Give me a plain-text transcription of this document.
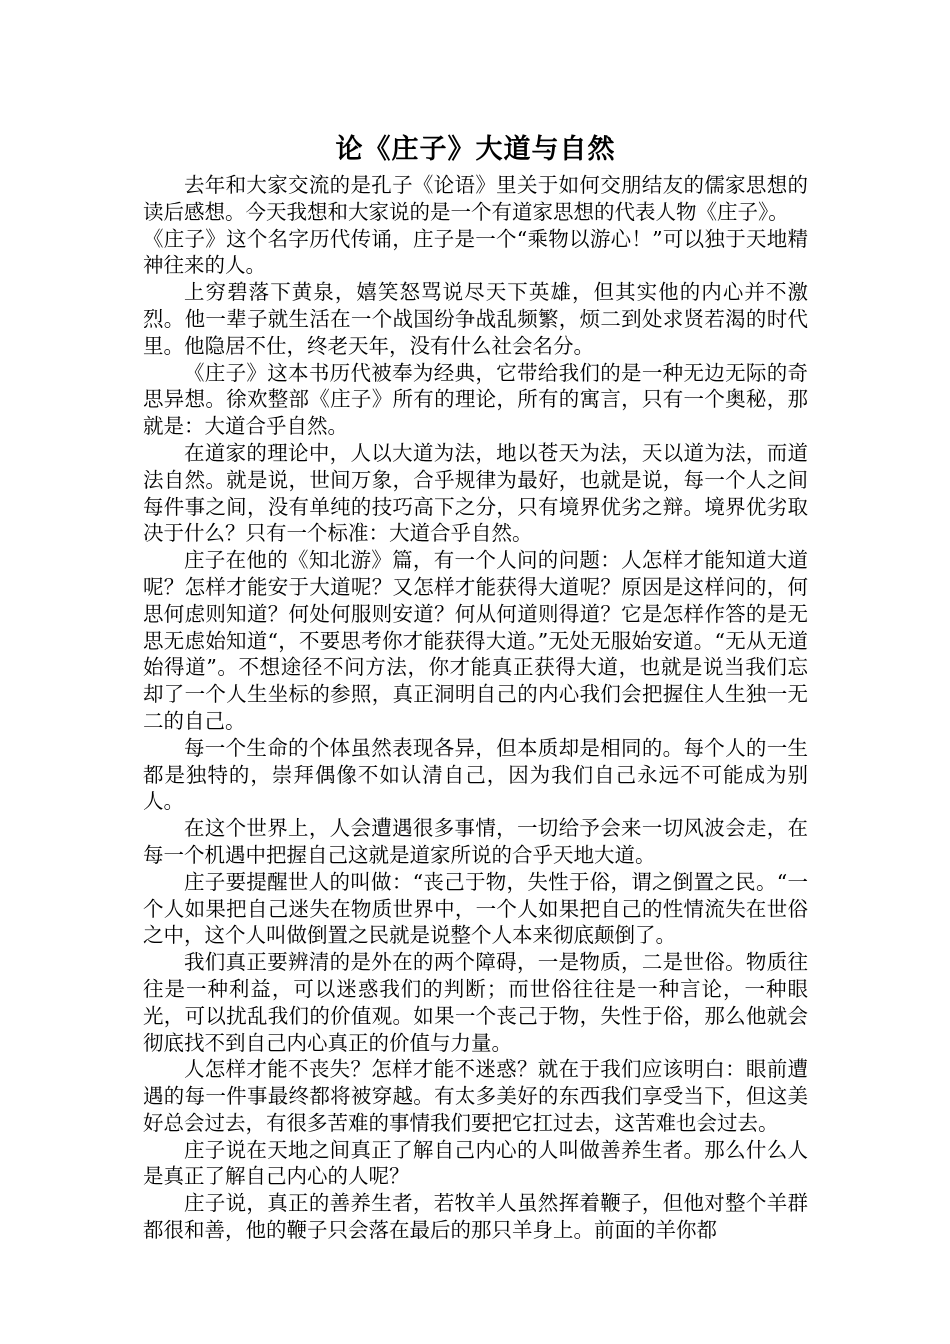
论《庄子》大道与自然

去年和大家交流的是孔子《论语》里关于如何交朋结友的儒家思想的读后感想。今天我想和大家说的是一个有道家思想的代表人物《庄子》。

《庄子》这个名字历代传诵，庄子是一个“乘物以游心！”可以独于天地精神往来的人。

上穷碧落下黄泉，嬉笑怒骂说尽天下英雄，但其实他的内心并不激烈。他一辈子就生活在一个战国纷争战乱频繁，烦二到处求贤若渴的时代里。他隐居不仕，终老天年，没有什么社会名分。

《庄子》这本书历代被奉为经典，它带给我们的是一种无边无际的奇思异想。徐欢整部《庄子》所有的理论，所有的寓言，只有一个奥秘，那就是：大道合乎自然。

在道家的理论中，人以大道为法，地以苍天为法，天以道为法，而道法自然。就是说，世间万象，合乎规律为最好，也就是说，每一个人之间每件事之间，没有单纯的技巧高下之分，只有境界优劣之辩。境界优劣取决于什么？只有一个标准：大道合乎自然。

庄子在他的《知北游》篇，有一个人问的问题：人怎样才能知道大道呢？怎样才能安于大道呢？又怎样才能获得大道呢？原因是这样问的，何思何虑则知道？何处何服则安道？何从何道则得道？它是怎样作答的是无思无虑始知道“，不要思考你才能获得大道。”无处无服始安道。“无从无道始得道”。不想途径不问方法，你才能真正获得大道，也就是说当我们忘却了一个人生坐标的参照，真正洞明自己的内心我们会把握住人生独一无二的自己。

每一个生命的个体虽然表现各异，但本质却是相同的。每个人的一生都是独特的，崇拜偶像不如认清自己，因为我们自己永远不可能成为别人。

在这个世界上，人会遭遇很多事情，一切给予会来一切风波会走，在每一个机遇中把握自己这就是道家所说的合乎天地大道。

庄子要提醒世人的叫做：“丧己于物，失性于俗，谓之倒置之民。“一个人如果把自己迷失在物质世界中，一个人如果把自己的性情流失在世俗之中，这个人叫做倒置之民就是说整个人本来彻底颠倒了。

我们真正要辨清的是外在的两个障碍，一是物质，二是世俗。物质往往是一种利益，可以迷惑我们的判断；而世俗往往是一种言论，一种眼光，可以扰乱我们的价值观。如果一个丧己于物，失性于俗，那么他就会彻底找不到自己内心真正的价值与力量。

人怎样才能不丧失？怎样才能不迷惑？就在于我们应该明白：眼前遭遇的每一件事最终都将被穿越。有太多美好的东西我们享受当下，但这美好总会过去，有很多苦难的事情我们要把它扛过去，这苦难也会过去。

庄子说在天地之间真正了解自己内心的人叫做善养生者。那么什么人是真正了解自己内心的人呢？

庄子说，真正的善养生者，若牧羊人虽然挥着鞭子，但他对整个羊群都很和善，他的鞭子只会落在最后的那只羊身上。前面的羊你都
